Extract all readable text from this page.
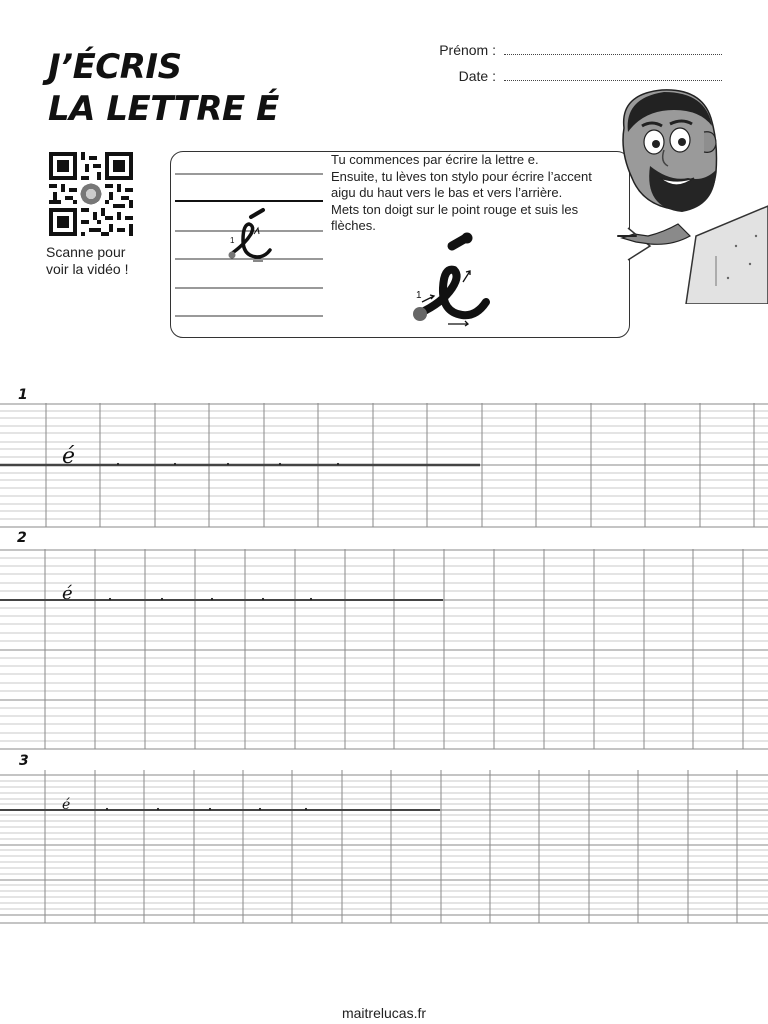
J’ÉCRIS
LA LETTRE É
Prénom :
Date :
Scanne pour
voir la vidéo !
1

Tu commences par écrire la lettre e.

Ensuite, tu lèves ton stylo pour écrire l’accent aigu du haut vers le bas et vers l’arrière.

Mets ton doigt sur le point rouge et suis les flèches.

1
1
é
2
é
3
é
maitrelucas.fr
